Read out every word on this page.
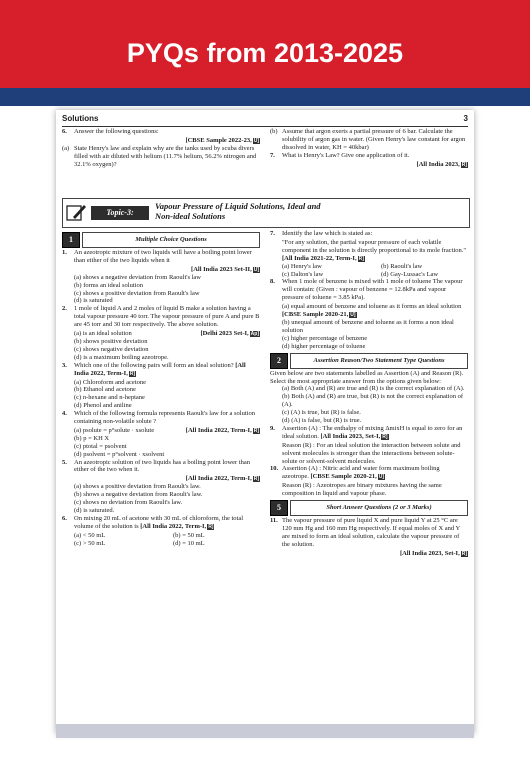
PYQs from 2013-2025
Solutions	3
6. Answer the following questions:
[CBSE Sample 2022-23, U]
(a) State Henry's law and explain why are the tanks used by scuba divers filled with air diluted with helium (11.7% helium, 56.2% nitrogen and 32.1% oxygen)?
(b) Assume that argon exerts a partial pressure of 6 bar. Calculate the solubility of argon gas in water. (Given Henry's law constant for argon dissolved in water, KH = 40kbar)
7. What is Henry's Law? Give one application of it.
[All India 2023, R]
Topic-3:
Vapour Pressure of Liquid Solutions, Ideal and
Non-ideal Solutions
1	Multiple Choice Questions
1. An azeotropic mixture of two liquids will have a boiling point lower than either of the two liquids when it
[All India 2023 Set-II, U]
(a) shows a negative deviation from Raoult's law
(b) forms an ideal solution
(c) shows a positive deviation from Raoult's law
(d) is saturated
2. 1 mole of liquid A and 2 moles of liquid B make a solution having a total vapour pressure 40 torr. The vapour pressure of pure A and pure B are 45 torr and 30 torr respectively. The above solution.
(a) is an ideal solution	[Delhi 2023 Set-I, Ap]
(b) shows positive deviation
(c) shows negative deviation
(d) is a maximum boiling azeotrope.
3. Which one of the following pairs will form an ideal solution? [All India 2022, Term-I, R]
(a) Chloroform and acetone
(b) Ethanol and acetone
(c) n-hexane and n-heptane
(d) Phenol and aniline
4. Which of the following formula represents Raoult's law for a solution containing non-volatile solute ?
(a) psolute = p°solute · xsolute	[All India 2022, Term-I, R]
(b) p = KH X
(c) ptotal = psolvent
(d) psolvent = p°solvent · xsolvent
5. An azeotropic solution of two liquids has a boiling point lower than either of the two when it.
[All India 2022, Term-I, R]
(a) shows a positive deviation from Raoult's law.
(b) shows a negative deviation from Raoult's law.
(c) shows no deviation from Raoult's law.
(d) is saturated.
6. On mixing 20 mL of acetone with 30 mL of chloroform, the total volume of the solution is [All India 2022, Term-I, R]
(a) < 50 mL	(b) = 50 mL
(c) > 50 mL	(d) = 10 mL
7. Identify the law which is stated as:
"For any solution, the partial vapour pressure of each volatile component in the solution is directly proportional to its mole fraction." [All India 2021-22, Term-I, R]
(a) Henry's law	(b) Raoult's law
(c) Dalton's law	(d) Gay-Lussac's Law
8. When 1 mole of benzene is mixed with 1 mole of toluene The vapour will contain: (Given : vapour of benzene = 12.8kPa and vapour pressure of toluene = 3.85 kPa).
(a) equal amount of benzene and toluene as it forms an ideal solution [CBSE Sample 2020-21, U]
(b) unequal amount of benzene and toluene as it forms a non ideal solution
(c) higher percentage of benzene
(d) higher percentage of toluene
2	Assertion Reason/Two Statement Type Questions
Given below are two statements labelled as Assertion (A) and Reason (R). Select the most appropriate answer from the options given below:
(a) Both (A) and (R) are true and (R) is the correct explanation of (A).
(b) Both (A) and (R) are true, but (R) is not the correct explanation of (A).
(c) (A) is true, but (R) is false.
(d) (A) is false, but (R) is true.
9. Assertion (A) : The enthalpy of mixing ΔmixH is equal to zero for an ideal solution. [All India 2023, Set-I, R]
Reason (R) : For an ideal solution the interaction between solute and solvent molecules is stronger than the interactions between solute-solute or solvent-solvent molecules.
10. Assertion (A) : Nitric acid and water form maximum boiling azeotrope. [CBSE Sample 2020-21, U]
Reason (R) : Azeotropes are binary mixtures having the same composition in liquid and vapour phase.
5	Short Answer Questions (2 or 3 Marks)
11. The vapour pressure of pure liquid X and pure liquid Y at 25 °C are 120 mm Hg and 160 mm Hg respectively. If equal moles of X and Y are mixed to form an ideal solution, calculate the vapour pressure of the solution.
[All India 2023, Set-I, R]
